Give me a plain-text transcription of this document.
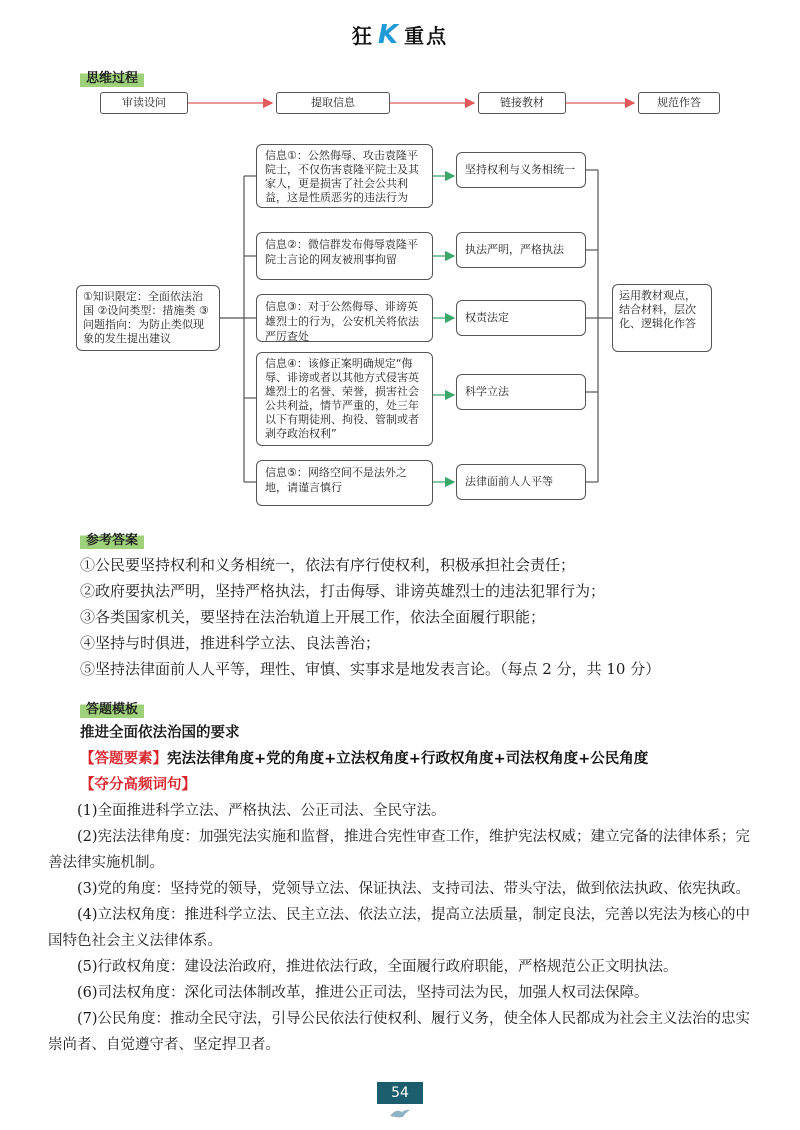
狂 K 重点
思维过程
审读设问	提取信息	链接教材	规范作答
①知识限定：全面依法治国 ②设问类型：措施类 ③问题指向：为防止类似现象的发生提出建议
信息①：公然侮辱、攻击袁隆平院士，不仅伤害袁隆平院士及其家人，更是损害了社会公共利益，这是性质恶劣的违法行为
信息②：微信群发布侮辱袁隆平院士言论的网友被刑事拘留
信息③：对于公然侮辱、诽谤英雄烈士的行为，公安机关将依法严厉查处
信息④：该修正案明确规定“侮辱、诽谤或者以其他方式侵害英雄烈士的名誉、荣誉，损害社会公共利益，情节严重的，处三年以下有期徒刑、拘役、管制或者剥夺政治权利”
信息⑤：网络空间不是法外之地，请谨言慎行
坚持权利与义务相统一
执法严明，严格执法
权责法定
科学立法
法律面前人人平等
运用教材观点，结合材料，层次化、逻辑化作答
参考答案
①公民要坚持权利和义务相统一，依法有序行使权利，积极承担社会责任；
②政府要执法严明，坚持严格执法，打击侮辱、诽谤英雄烈士的违法犯罪行为；
③各类国家机关，要坚持在法治轨道上开展工作，依法全面履行职能；
④坚持与时俱进，推进科学立法、良法善治；
⑤坚持法律面前人人平等，理性、审慎、实事求是地发表言论。（每点 2 分，共 10 分）
答题模板
推进全面依法治国的要求
【答题要素】宪法法律角度+党的角度+立法权角度+行政权角度+司法权角度+公民角度
【夺分高频词句】

(1)全面推进科学立法、严格执法、公正司法、全民守法。

(2)宪法法律角度：加强宪法实施和监督，推进合宪性审查工作，维护宪法权威；建立完备的法律体系；完善法律实施机制。

(3)党的角度：坚持党的领导，党领导立法、保证执法、支持司法、带头守法，做到依法执政、依宪执政。

(4)立法权角度：推进科学立法、民主立法、依法立法，提高立法质量，制定良法，完善以宪法为核心的中国特色社会主义法律体系。

(5)行政权角度：建设法治政府，推进依法行政，全面履行政府职能，严格规范公正文明执法。

(6)司法权角度：深化司法体制改革，推进公正司法，坚持司法为民，加强人权司法保障。

(7)公民角度：推动全民守法，引导公民依法行使权利、履行义务，使全体人民都成为社会主义法治的忠实崇尚者、自觉遵守者、坚定捍卫者。

54
